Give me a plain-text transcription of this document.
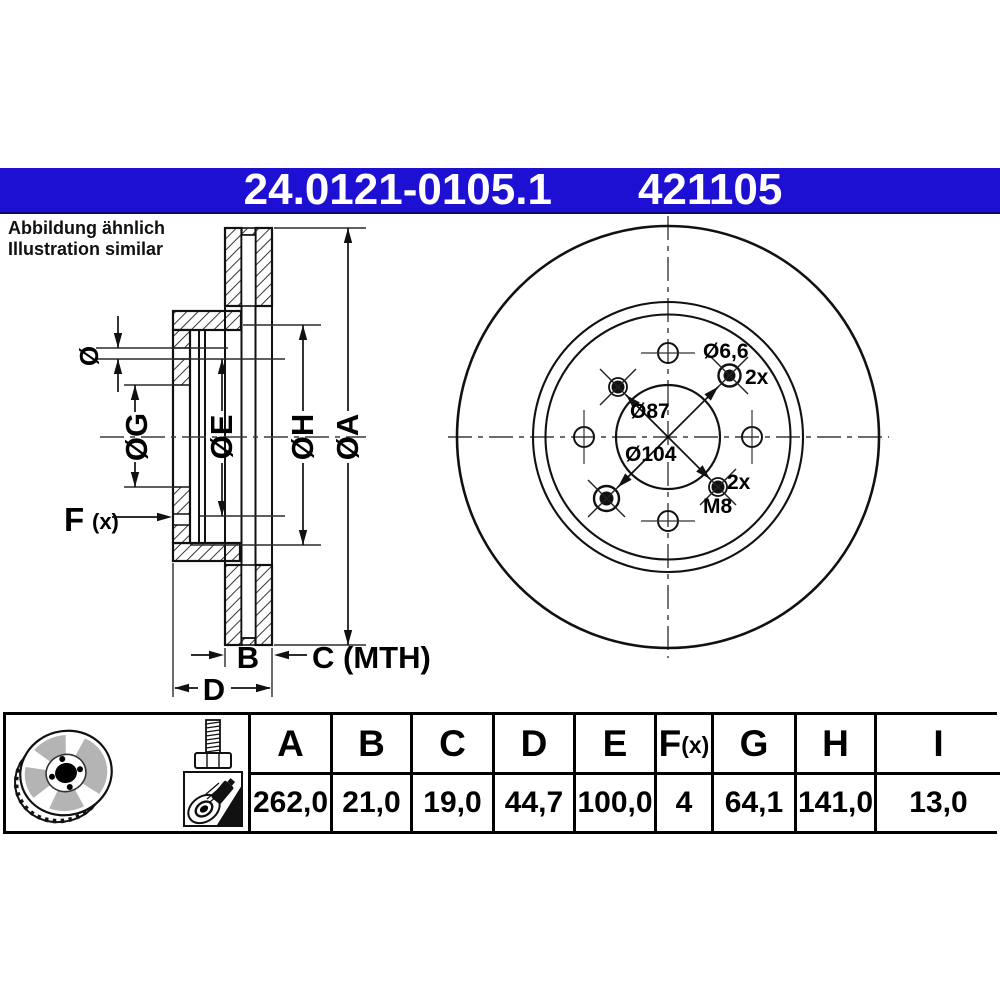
24.0121-0105.1 421105
Abbildung ähnlich
Illustration similar
Ø
ØG ØE ØH ØA
F (x)
B C (MTH)
D
Ø6,6
2x
Ø87
Ø104
2x
M8
A B C D E F (x) G H I
262,0 21,0 19,0 44,7 100,0 4	64,1 141,0	13,0
